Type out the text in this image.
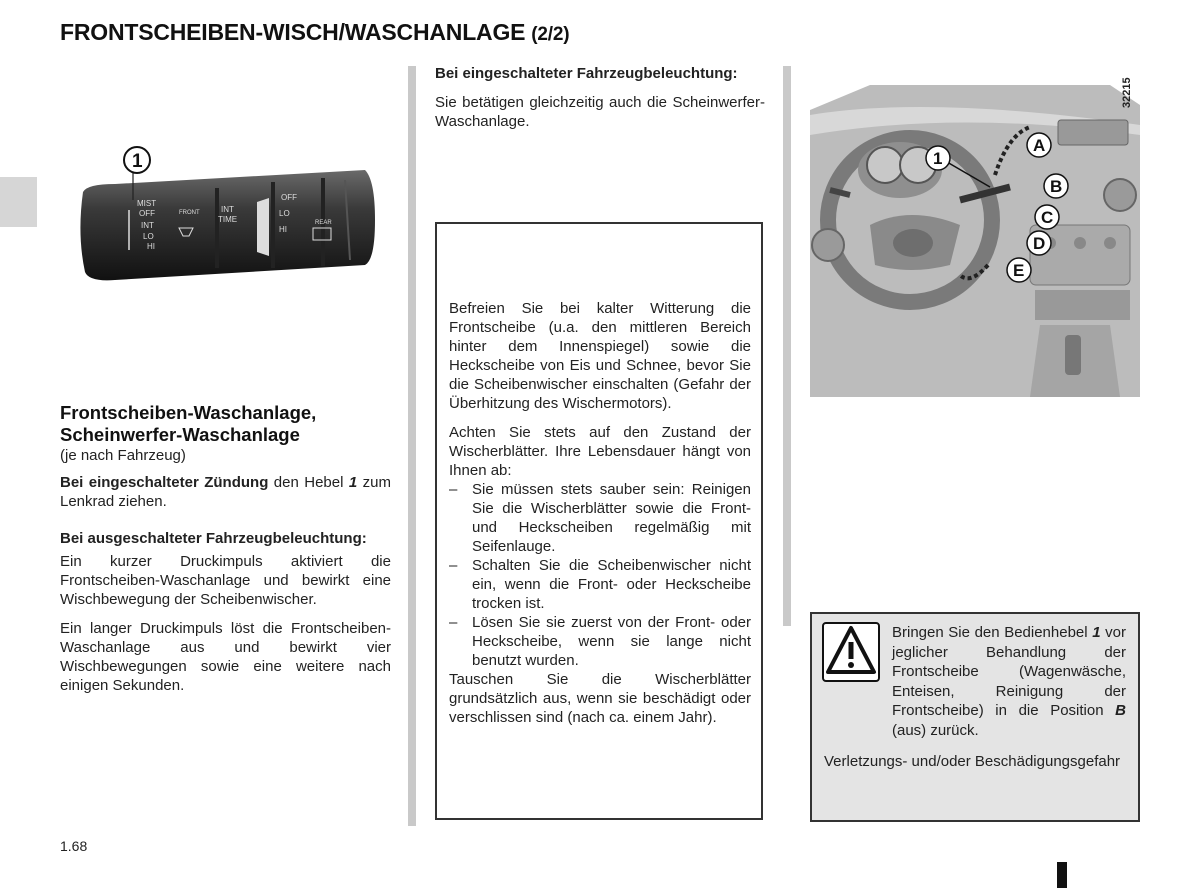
FRONTSCHEIBEN-WISCH/WASCHANLAGE (2/2)
MIST
OFF
INT
LO
HI
FRONT	INT
TIME
OFF
LO
HI
REAR
1
Frontscheiben-Waschanlage,
Scheinwerfer-Waschanlage
(je nach Fahrzeug)
Bei eingeschalteter Zündung den Hebel 1 zum Lenkrad ziehen.
Bei ausgeschalteter Fahrzeugbeleuchtung:
Ein kurzer Druckimpuls aktiviert die Frontscheiben-Waschanlage und bewirkt eine Wischbewegung der Scheibenwischer.
Ein langer Druckimpuls löst die Frontscheiben-Waschanlage aus und bewirkt vier Wischbewegungen sowie eine weitere nach einigen Sekunden.
Bei eingeschalteter Fahrzeugbeleuchtung:
Sie betätigen gleichzeitig auch die Scheinwerfer-Waschanlage.
Befreien Sie bei kalter Witterung die Frontscheibe (u.a. den mittleren Bereich hinter dem Innenspiegel) sowie die Heckscheibe von Eis und Schnee, bevor Sie die Scheibenwischer einschalten (Gefahr der Überhitzung des Wischermotors).
Achten Sie stets auf den Zustand der Wischerblätter. Ihre Lebensdauer hängt von Ihnen ab:
– Sie müssen stets sauber sein: Reinigen Sie die Wischerblätter sowie die Front- und Heckscheiben regelmäßig mit Seifenlauge.
– Schalten Sie die Scheibenwischer nicht ein, wenn die Front- oder Heckscheibe trocken ist.
– Lösen Sie sie zuerst von der Front- oder Heckscheibe, wenn sie lange nicht benutzt wurden.
Tauschen Sie die Wischerblätter grundsätzlich aus, wenn sie beschädigt oder verschlissen sind (nach ca. einem Jahr).
1
A
B
C
D
E
32215
Bringen Sie den Bedienhebel 1 vor jeglicher Behandlung der Frontscheibe (Wagenwäsche, Enteisen, Reinigung der Frontscheibe) in die Position B (aus) zurück.
Verletzungs- und/oder Beschädigungsgefahr
1.68
